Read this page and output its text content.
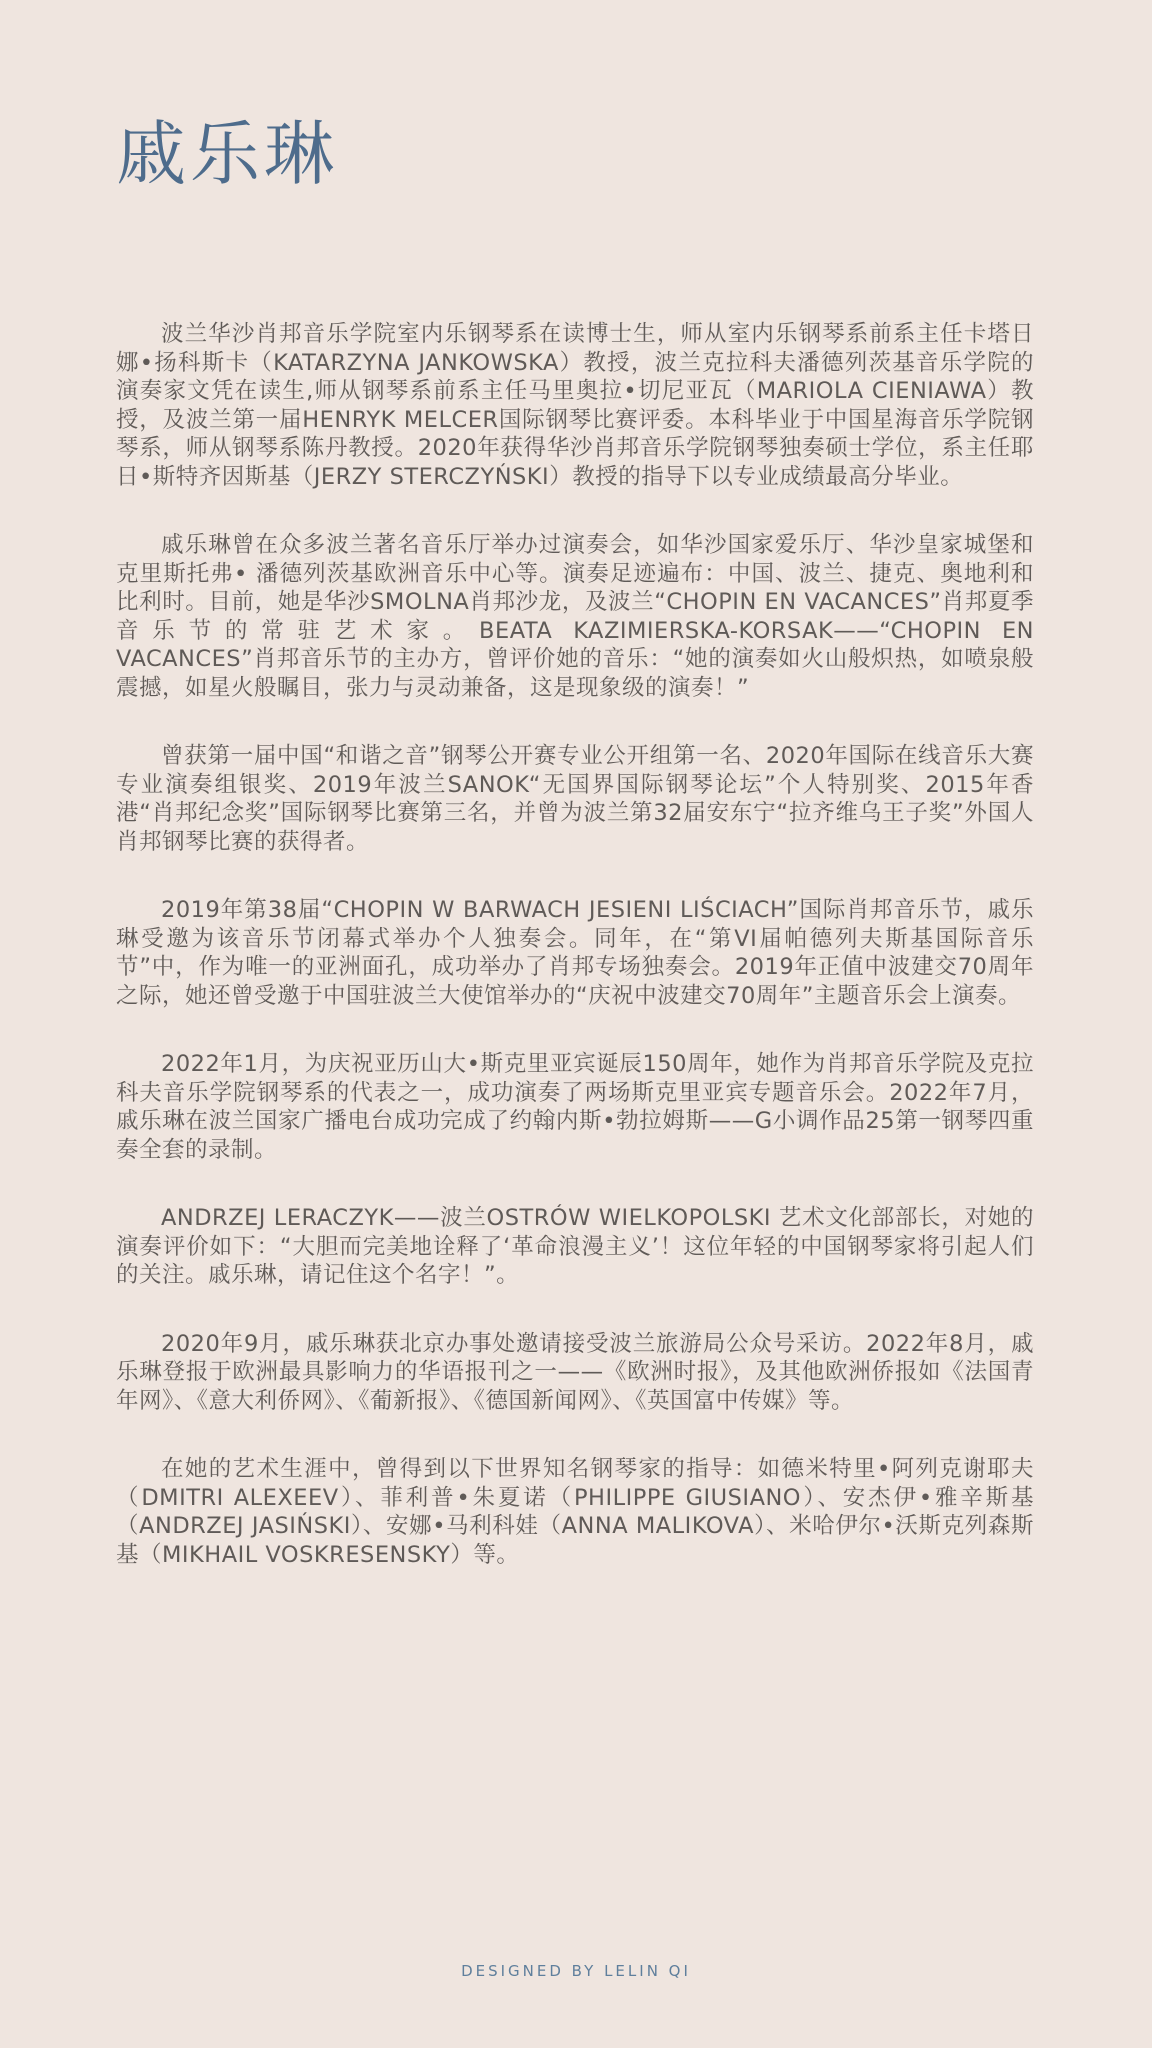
戚乐琳

波兰华沙肖邦音乐学院室内乐钢琴系在读博士生，师从室内乐钢琴系前系主任卡塔日娜•扬科斯卡（KATARZYNA JANKOWSKA）教授，波兰克拉科夫潘德列茨基音乐学院的演奏家文凭在读生,师从钢琴系前系主任马里奥拉•切尼亚瓦（MARIOLA CIENIAWA）教授，及波兰第一届HENRYK MELCER国际钢琴比赛评委。本科毕业于中国星海音乐学院钢琴系，师从钢琴系陈丹教授。2020年获得华沙肖邦音乐学院钢琴独奏硕士学位，系主任耶日•斯特齐因斯基（JERZY STERCZYŃSKI）教授的指导下以专业成绩最高分毕业。

戚乐琳曾在众多波兰著名音乐厅举办过演奏会，如华沙国家爱乐厅、华沙皇家城堡和克里斯托弗• 潘德列茨基欧洲音乐中心等。演奏足迹遍布：中国、波兰、捷克、奥地利和比利时。目前，她是华沙SMOLNA肖邦沙龙，及波兰“CHOPIN EN VACANCES”肖邦夏季音乐节的常驻艺术家。BEATA KAZIMIERSKA-KORSAK——“CHOPIN EN VACANCES”肖邦音乐节的主办方，曾评价她的音乐：“她的演奏如火山般炽热，如喷泉般震撼，如星火般瞩目，张力与灵动兼备，这是现象级的演奏！”

曾获第一届中国“和谐之音”钢琴公开赛专业公开组第一名、2020年国际在线音乐大赛专业演奏组银奖、2019年波兰SANOK“无国界国际钢琴论坛”个人特别奖、2015年香港“肖邦纪念奖”国际钢琴比赛第三名，并曾为波兰第32届安东宁“拉齐维乌王子奖”外国人肖邦钢琴比赛的获得者。

2019年第38届“CHOPIN W BARWACH JESIENI LIŚCIACH”国际肖邦音乐节，戚乐琳受邀为该音乐节闭幕式举办个人独奏会。同年，在“第VI届帕德列夫斯基国际音乐节”中，作为唯一的亚洲面孔，成功举办了肖邦专场独奏会。2019年正值中波建交70周年之际，她还曾受邀于中国驻波兰大使馆举办的“庆祝中波建交70周年”主题音乐会上演奏。

2022年1月，为庆祝亚历山大•斯克里亚宾诞辰150周年，她作为肖邦音乐学院及克拉科夫音乐学院钢琴系的代表之一，成功演奏了两场斯克里亚宾专题音乐会。2022年7月，戚乐琳在波兰国家广播电台成功完成了约翰内斯•勃拉姆斯——G小调作品25第一钢琴四重奏全套的录制。

ANDRZEJ LERACZYK——波兰OSTRÓW WIELKOPOLSKI 艺术文化部部长，对她的演奏评价如下：“大胆而完美地诠释了‘革命浪漫主义’！这位年轻的中国钢琴家将引起人们的关注。戚乐琳，请记住这个名字！”。

2020年9月，戚乐琳获北京办事处邀请接受波兰旅游局公众号采访。2022年8月，戚乐琳登报于欧洲最具影响力的华语报刊之一——《欧洲时报》，及其他欧洲侨报如《法国青年网》、《意大利侨网》、《葡新报》、《德国新闻网》、《英国富中传媒》等。

在她的艺术生涯中，曾得到以下世界知名钢琴家的指导：如德米特里•阿列克谢耶夫（DMITRI ALEXEEV）、菲利普•朱夏诺（PHILIPPE GIUSIANO）、安杰伊•雅辛斯基（ANDRZEJ JASIŃSKI）、安娜•马利科娃（ANNA MALIKOVA）、米哈伊尔•沃斯克列森斯基（MIKHAIL VOSKRESENSKY）等。

DESIGNED BY LELIN QI
